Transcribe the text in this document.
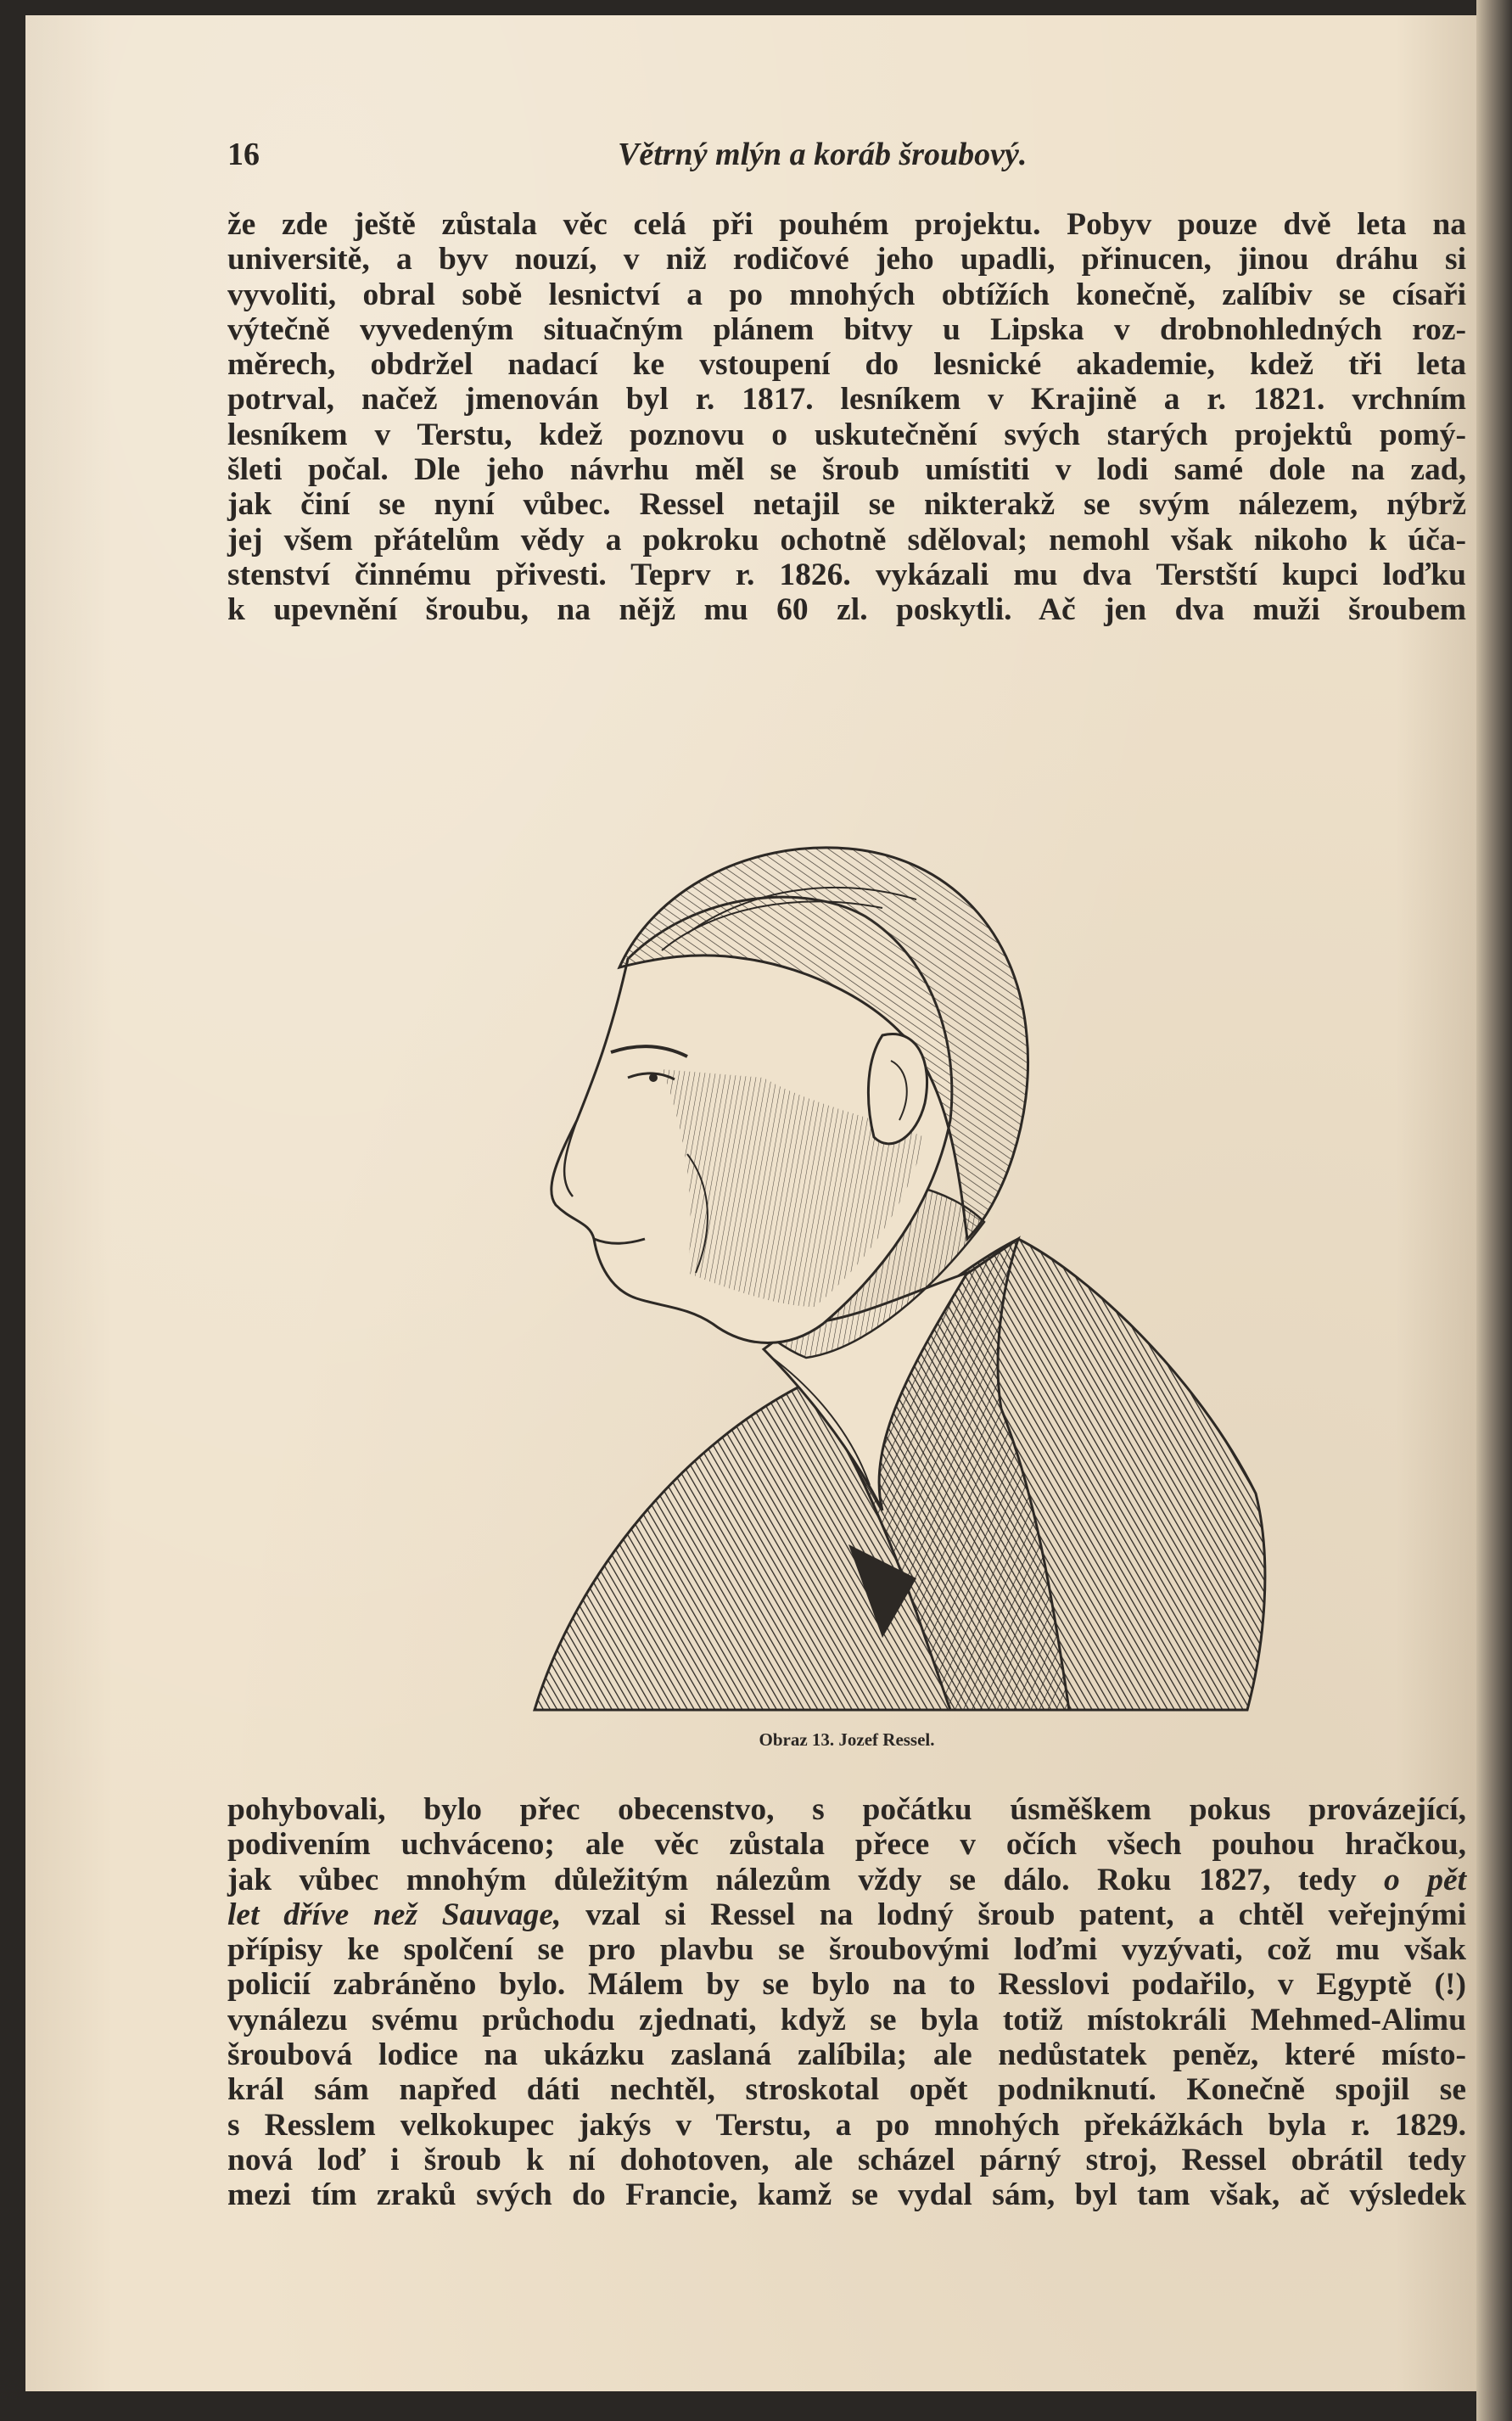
16	Větrný mlýn a koráb šroubový.
že zde ještě zůstala věc celá při pouhém projektu. Pobyv pouze dvě leta na
universitě, a byv nouzí, v niž rodičové jeho upadli, přinucen, jinou dráhu si
vyvoliti, obral sobě lesnictví a po mnohých obtížích konečně, zalíbiv se císaři
výtečně vyvedeným situačným plánem bitvy u Lipska v drobnohledných roz-
měrech, obdržel nadací ke vstoupení do lesnické akademie, kdež tři leta
potrval, načež jmenován byl r. 1817. lesníkem v Krajině a r. 1821. vrchním
lesníkem v Terstu, kdež poznovu o uskutečnění svých starých projektů pomý-
šleti počal. Dle jeho návrhu měl se šroub umístiti v lodi samé dole na zad,
jak činí se nyní vůbec. Ressel netajil se nikterakž se svým nálezem, nýbrž
jej všem přátelům vědy a pokroku ochotně sděloval; nemohl však nikoho k úča-
stenství činnému přivesti. Teprv r. 1826. vykázali mu dva Terstští kupci loďku
k upevnění šroubu, na nějž mu 60 zl. poskytli. Ač jen dva muži šroubem
Obraz 13. Jozef Ressel.
pohybovali, bylo přec obecenstvo, s počátku úsměškem pokus provázející,
podivením uchváceno; ale věc zůstala přece v očích všech pouhou hračkou,
jak vůbec mnohým důležitým nálezům vždy se dálo. Roku 1827, tedy o pět
let dříve než Sauvage, vzal si Ressel na lodný šroub patent, a chtěl veřejnými
přípisy ke spolčení se pro plavbu se šroubovými loďmi vyzývati, což mu však
policií zabráněno bylo. Málem by se bylo na to Resslovi podařilo, v Egyptě (!)
vynálezu svému průchodu zjednati, když se byla totiž místokráli Mehmed-Alimu
šroubová lodice na ukázku zaslaná zalíbila; ale nedůstatek peněz, které místo-
král sám napřed dáti nechtěl, stroskotal opět podniknutí. Konečně spojil se
s Resslem velkokupec jakýs v Terstu, a po mnohých překážkách byla r. 1829.
nová loď i šroub k ní dohotoven, ale scházel párný stroj, Ressel obrátil tedy
mezi tím zraků svých do Francie, kamž se vydal sám, byl tam však, ač výsledek
